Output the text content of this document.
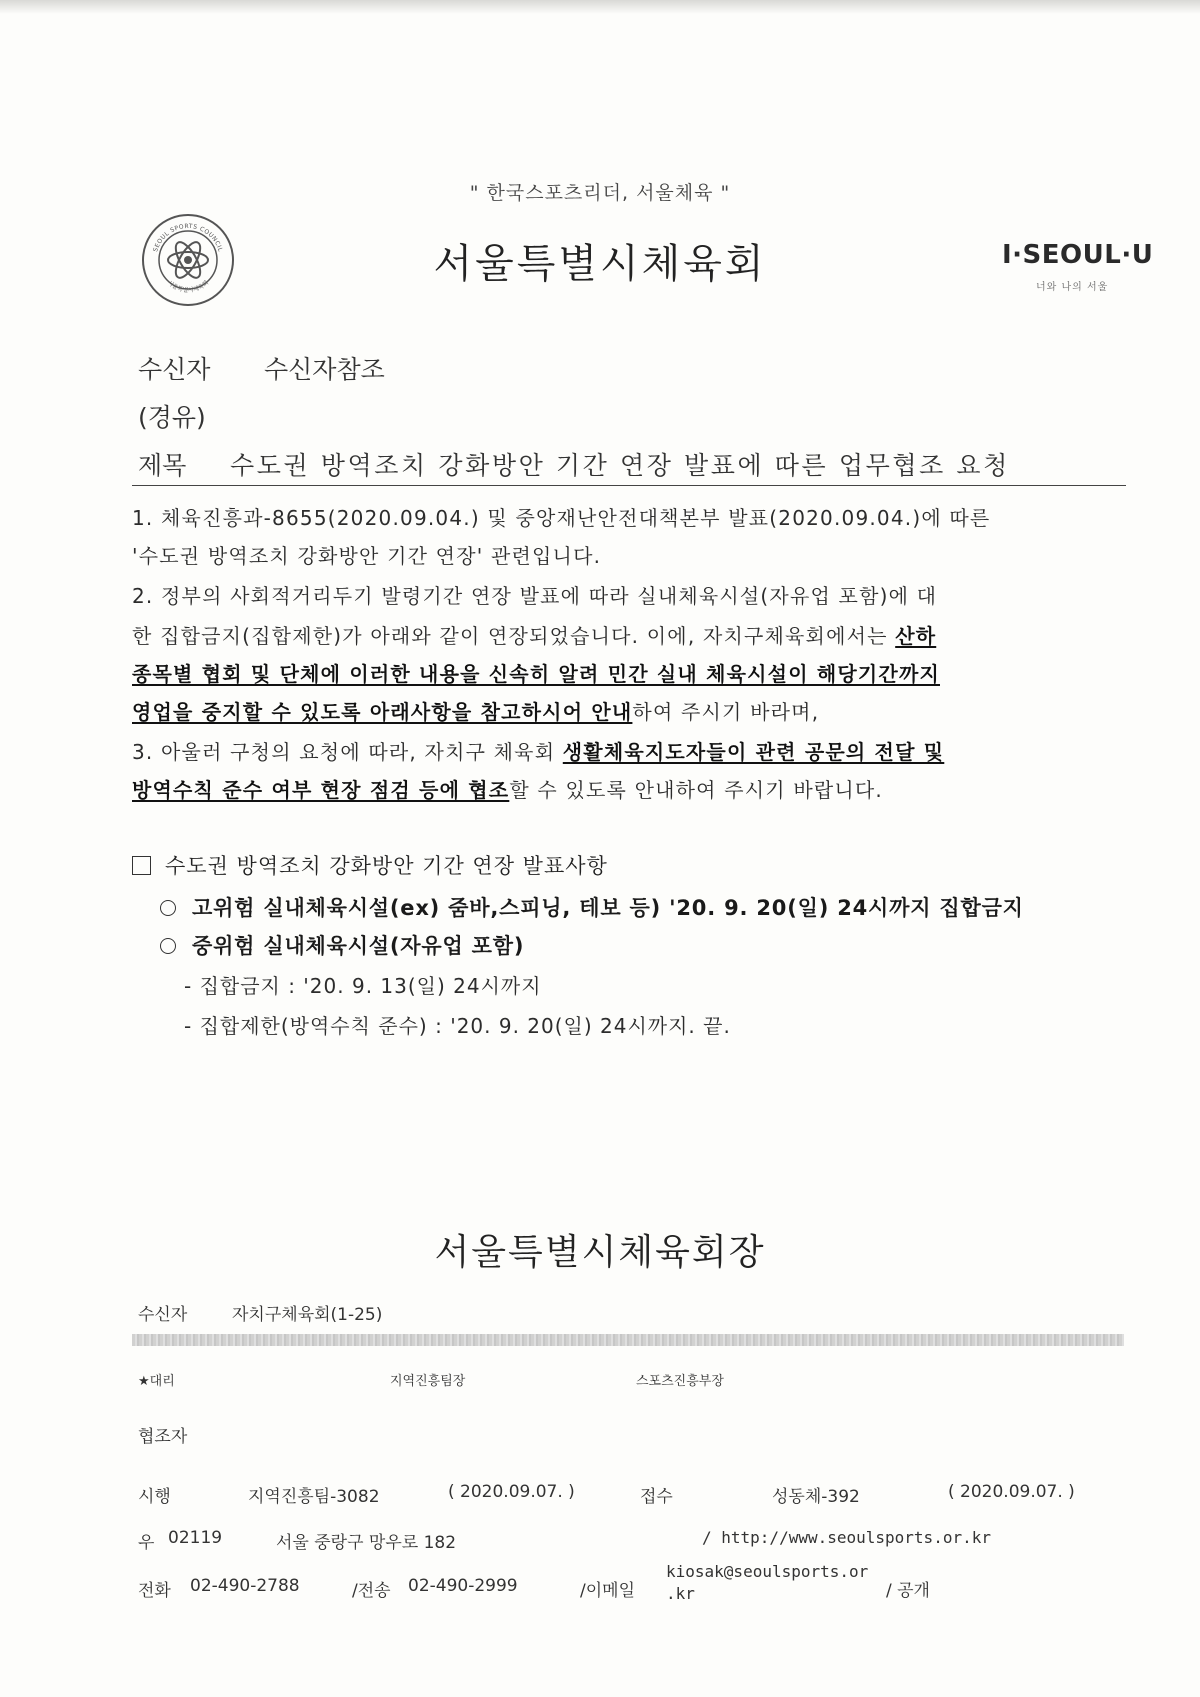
" 한국스포츠리더, 서울체육 "
SEOUL SPORTS COUNCIL
서울특별시체육회	서울특별시체육회	I·SEOUL·U
너와 나의 서울
수신자 수신자참조
(경유)
제목 수도권 방역조치 강화방안 기간 연장 발표에 따른 업무협조 요청
1. 체육진흥과-8655(2020.09.04.) 및 중앙재난안전대책본부 발표(2020.09.04.)에 따른
'수도권 방역조치 강화방안 기간 연장' 관련입니다.
2. 정부의 사회적거리두기 발령기간 연장 발표에 따라 실내체육시설(자유업 포함)에 대
한 집합금지(집합제한)가 아래와 같이 연장되었습니다. 이에, 자치구체육회에서는 산하
종목별 협회 및 단체에 이러한 내용을 신속히 알려 민간 실내 체육시설이 해당기간까지
영업을 중지할 수 있도록 아래사항을 참고하시어 안내하여 주시기 바라며,
3. 아울러 구청의 요청에 따라, 자치구 체육회 생활체육지도자들이 관련 공문의 전달 및
방역수칙 준수 여부 현장 점검 등에 협조할 수 있도록 안내하여 주시기 바랍니다.
수도권 방역조치 강화방안 기간 연장 발표사항
고위험 실내체육시설(ex) 줌바,스피닝, 테보 등) '20. 9. 20(일) 24시까지 집합금지
중위험 실내체육시설(자유업 포함)
- 집합금지 : '20. 9. 13(일) 24시까지
- 집합제한(방역수칙 준수) : '20. 9. 20(일) 24시까지. 끝.
서울특별시체육회장
수신자	자치구체육회(1-25)
★대리	지역진흥팀장	스포츠진흥부장
협조자
시행	지역진흥팀-3082	( 2020.09.07. )	접수	성동체-392	( 2020.09.07. )
우 02119	서울 중랑구 망우로 182	/ http://www.seoulsports.or.kr
전화 02-490-2788	/전송 02-490-2999	/이메일
kiosak@seoulsports.or
.kr	/ 공개
